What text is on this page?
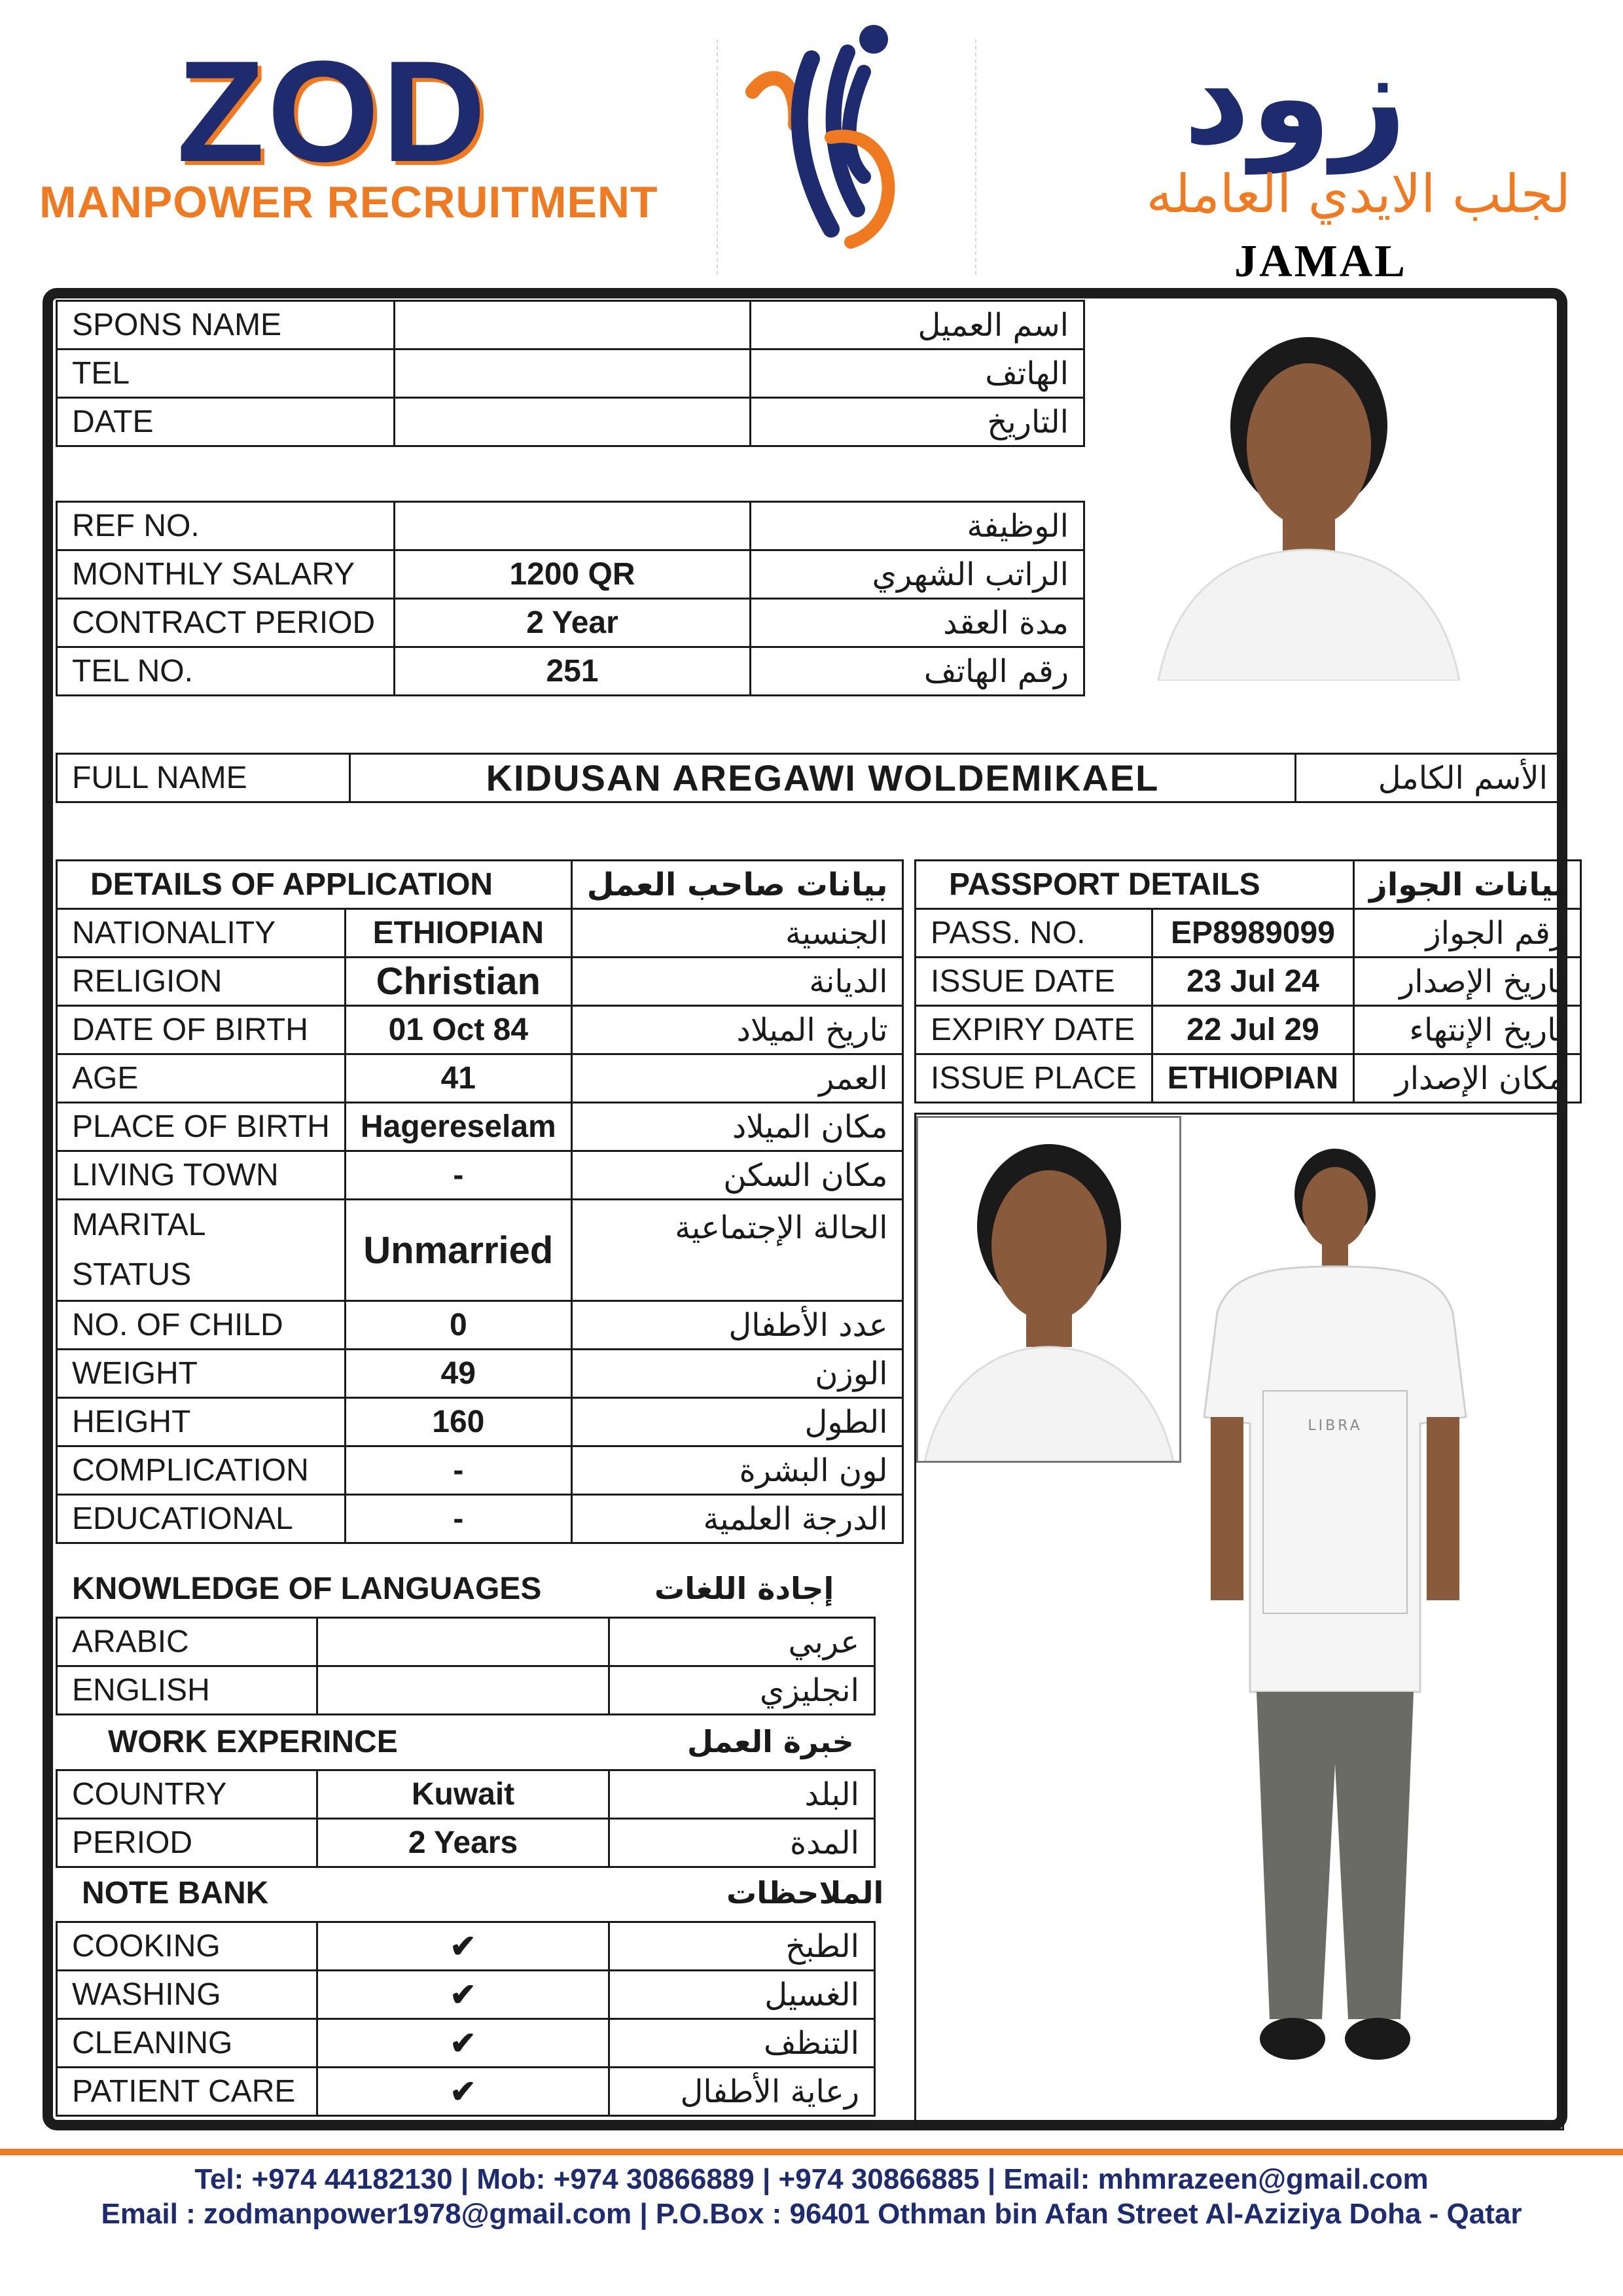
ZOD
MANPOWER RECRUITMENT
زود
لجلب الايدي العامله
JAMAL
SPONS NAME		اسم العميل
TEL		الهاتف
DATE		التاريخ
REF NO.		الوظيفة
MONTHLY SALARY	1200 QR	الراتب الشهري
CONTRACT PERIOD	2 Year	مدة العقد
TEL NO.	251	رقم الهاتف
FULL NAME	KIDUSAN AREGAWI WOLDEMIKAEL	الأسم الكامل
DETAILS OF APPLICATION		بيانات صاحب العمل
NATIONALITY	ETHIOPIAN	الجنسية
RELIGION	Christian	الديانة
DATE OF BIRTH	01 Oct 84	تاريخ الميلاد
AGE	41	العمر
PLACE OF BIRTH	Hagereselam	مكان الميلاد
LIVING TOWN	-	مكان السكن
MARITAL STATUS	Unmarried	الحالة الإجتماعية
NO. OF CHILD	0	عدد الأطفال
WEIGHT	49	الوزن
HEIGHT	160	الطول
COMPLICATION	-	لون البشرة
EDUCATIONAL	-	الدرجة العلمية
KNOWLEDGE OF LANGUAGES	إجادة اللغات
ARABIC		عربي
ENGLISH		انجليزي
WORK EXPERINCE	خبرة العمل
COUNTRY	Kuwait	البلد
PERIOD	2 Years	المدة
NOTE BANK	الملاحظات
COOKING	✔	الطبخ
WASHING	✔	الغسيل
CLEANING	✔	التنظف
PATIENT CARE	✔	رعاية الأطفال
PASSPORT DETAILS		بيانات الجواز
PASS. NO.	EP8989099	رقم الجواز
ISSUE DATE	23 Jul 24	تاريخ الإصدار
EXPIRY DATE	22 Jul 29	تاريخ الإنتهاء
ISSUE PLACE	ETHIOPIAN	مكان الإصدار
LIBRA
Tel: +974 44182130 | Mob: +974 30866889 | +974 30866885 | Email: mhmrazeen@gmail.com
Email : zodmanpower1978@gmail.com | P.O.Box : 96401 Othman bin Afan Street Al-Aziziya Doha - Qatar
